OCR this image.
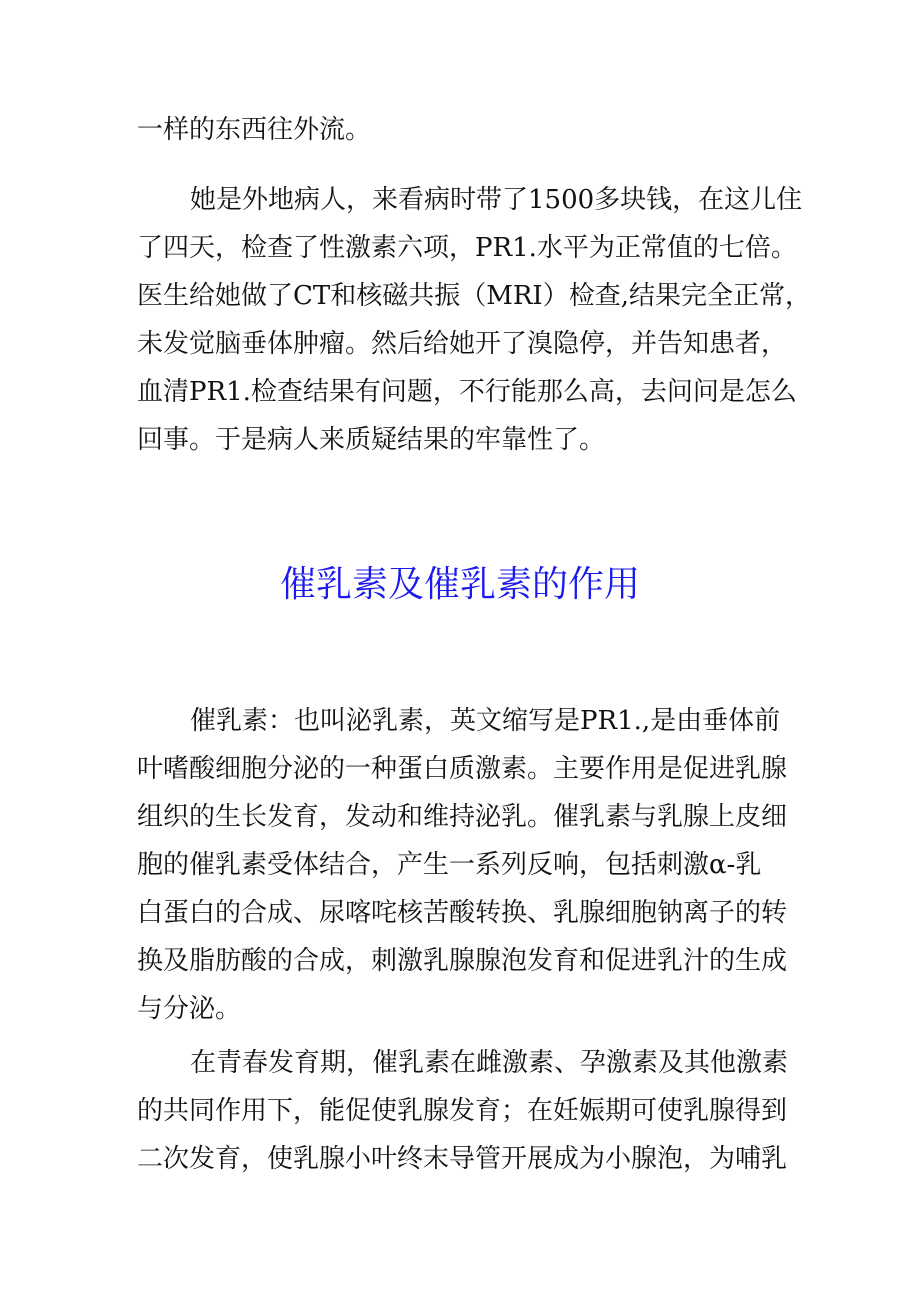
一样的东西往外流。
她是外地病人，来看病时带了1500多块钱，在这儿住
了四天，检查了性激素六项，PR1.水平为正常值的七倍。
医生给她做了CT和核磁共振（MRI）检查,结果完全正常，
未发觉脑垂体肿瘤。然后给她开了溴隐停，并告知患者，
血清PR1.检查结果有问题，不行能那么高，去问问是怎么
回事。于是病人来质疑结果的牢靠性了。
催乳素及催乳素的作用
催乳素：也叫泌乳素，英文缩写是PR1.,是由垂体前
叶嗜酸细胞分泌的一种蛋白质激素。主要作用是促进乳腺
组织的生长发育，发动和维持泌乳。催乳素与乳腺上皮细
胞的催乳素受体结合，产生一系列反响，包括刺激α-乳
白蛋白的合成、尿喀咤核苦酸转换、乳腺细胞钠离子的转
换及脂肪酸的合成，刺激乳腺腺泡发育和促进乳汁的生成
与分泌。
在青春发育期，催乳素在雌激素、孕激素及其他激素
的共同作用下，能促使乳腺发育；在妊娠期可使乳腺得到
二次发育，使乳腺小叶终末导管开展成为小腺泡，为哺乳
